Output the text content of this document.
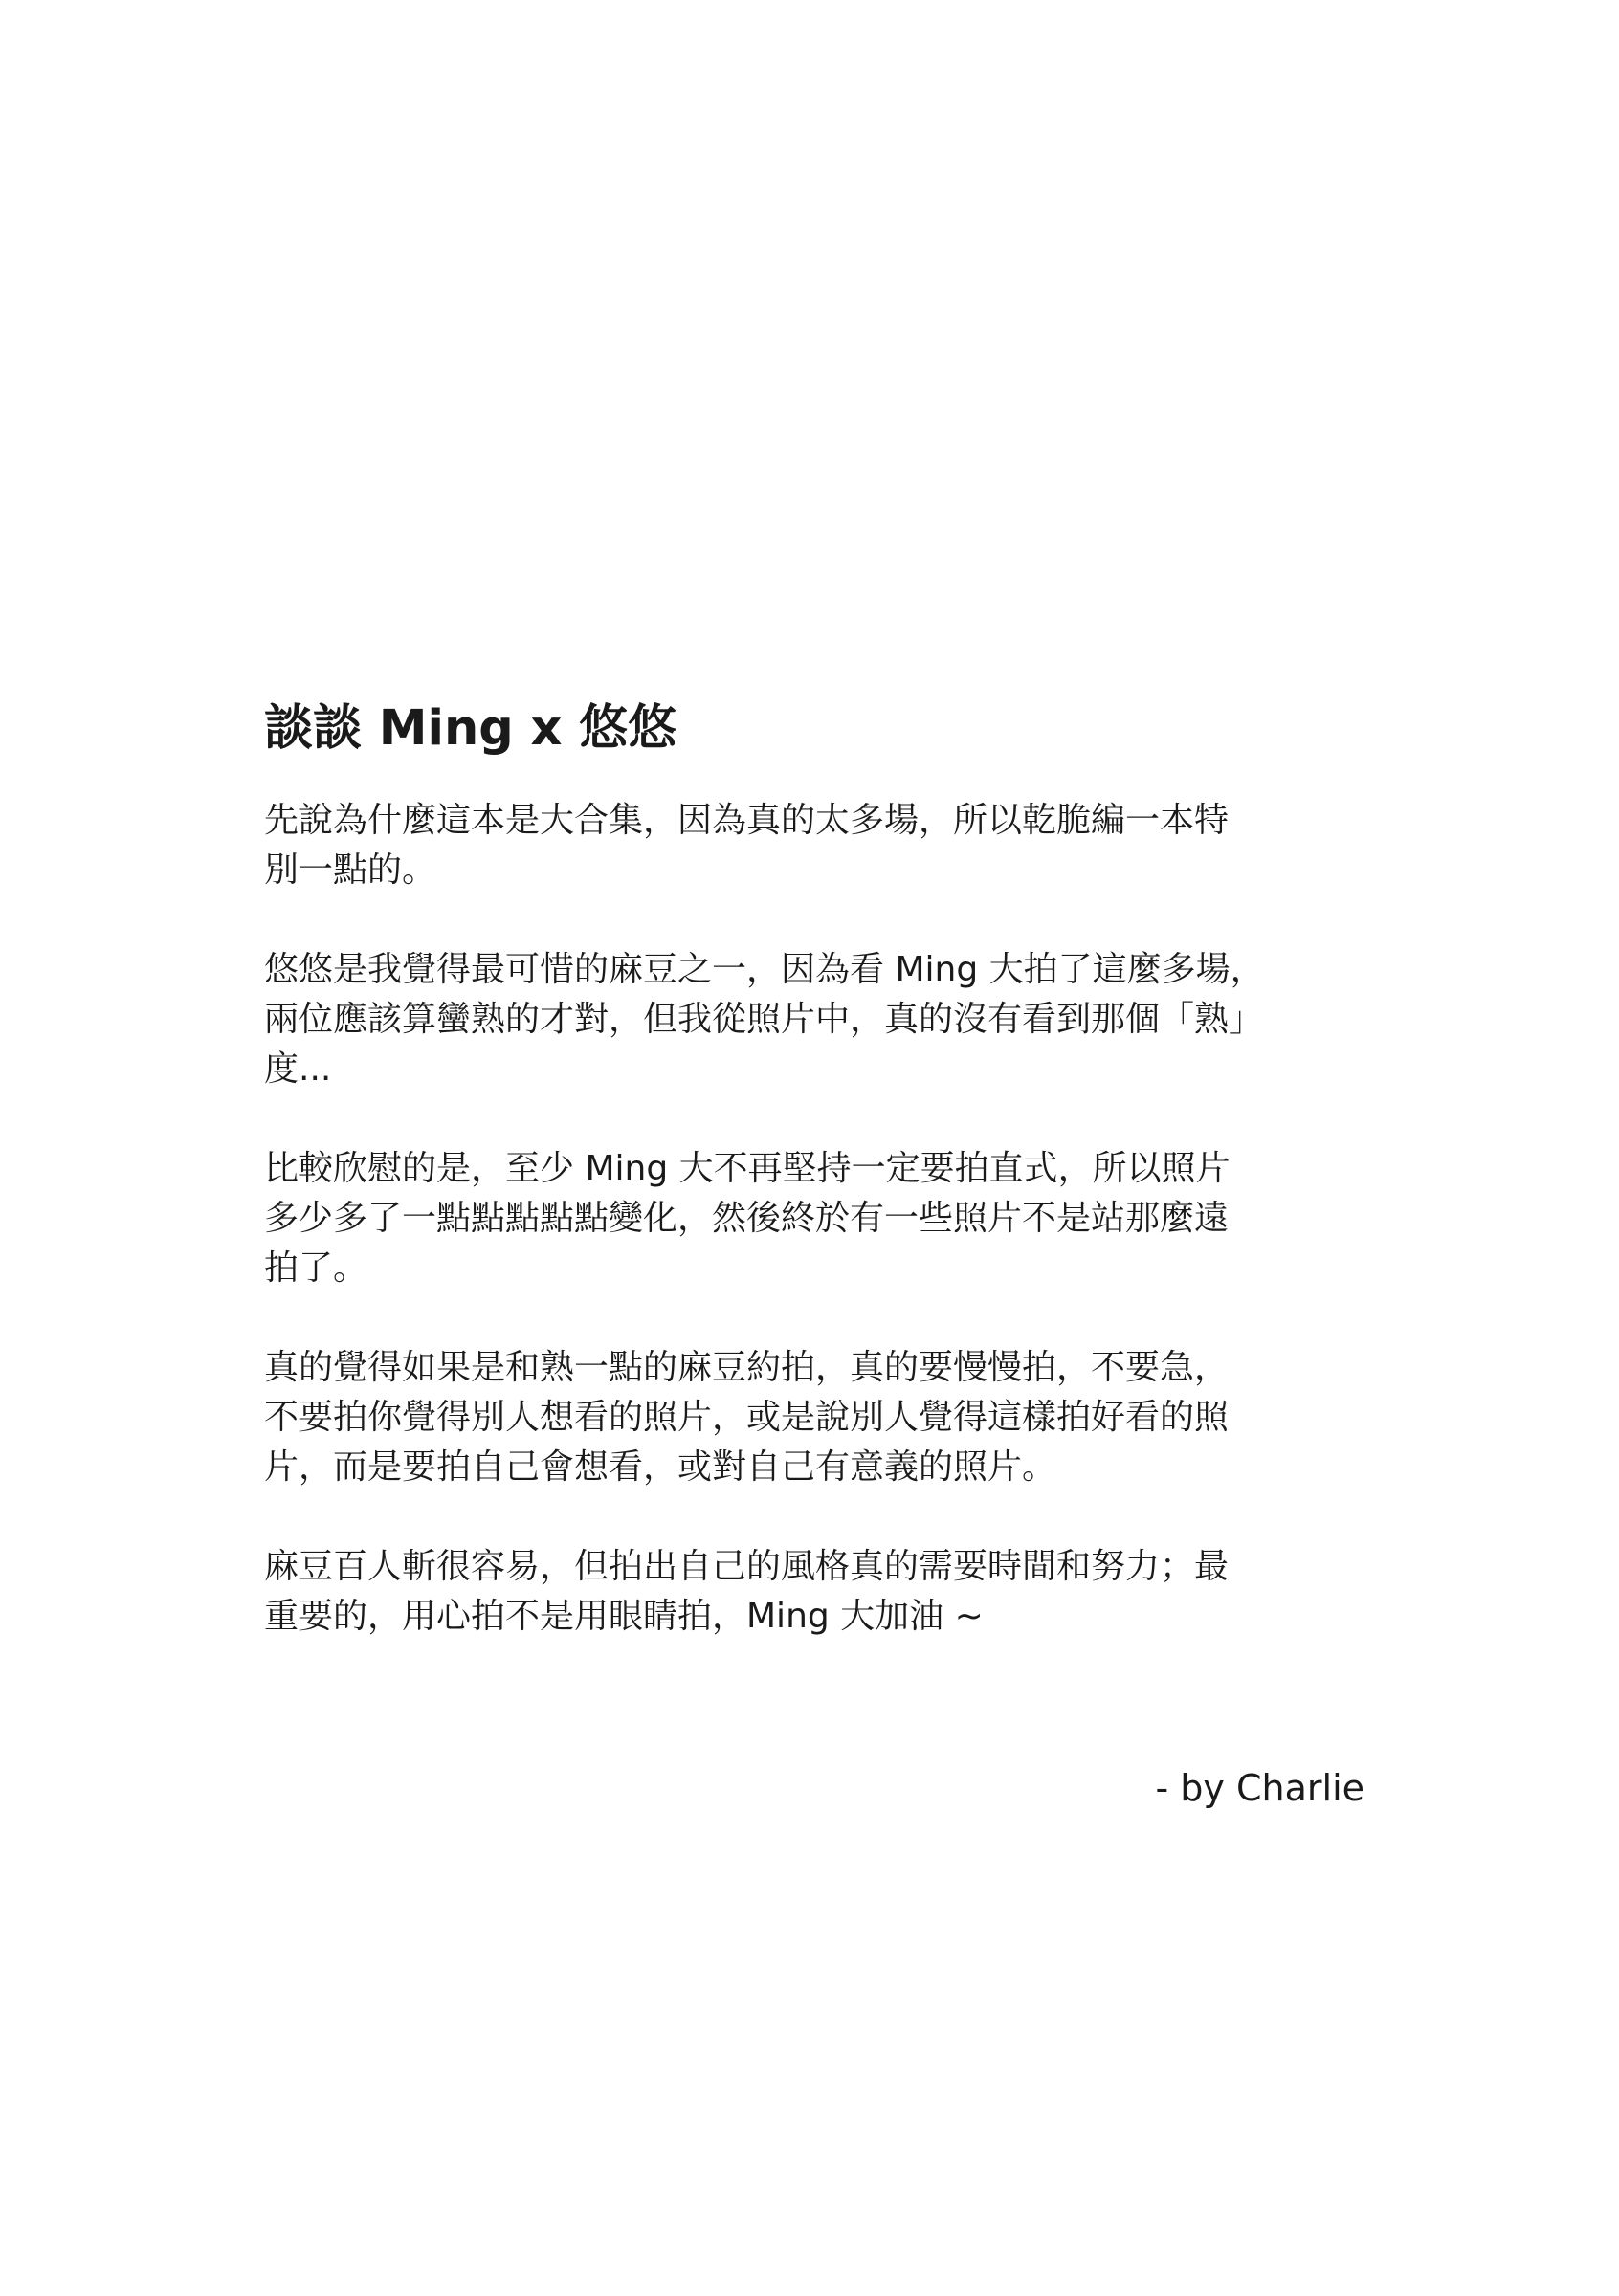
談談 Ming x 悠悠
先說為什麼這本是大合集，因為真的太多場，所以乾脆編一本特
別一點的。
悠悠是我覺得最可惜的麻豆之一，因為看 Ming 大拍了這麼多場，
兩位應該算蠻熟的才對，但我從照片中，真的沒有看到那個「熟」
度...
比較欣慰的是，至少 Ming 大不再堅持一定要拍直式，所以照片
多少多了一點點點點點變化，然後終於有一些照片不是站那麼遠
拍了。
真的覺得如果是和熟一點的麻豆約拍，真的要慢慢拍，不要急，
不要拍你覺得別人想看的照片，或是說別人覺得這樣拍好看的照
片，而是要拍自己會想看，或對自己有意義的照片。
麻豆百人斬很容易，但拍出自己的風格真的需要時間和努力；最
重要的，用心拍不是用眼睛拍，Ming 大加油 ~
- by Charlie
